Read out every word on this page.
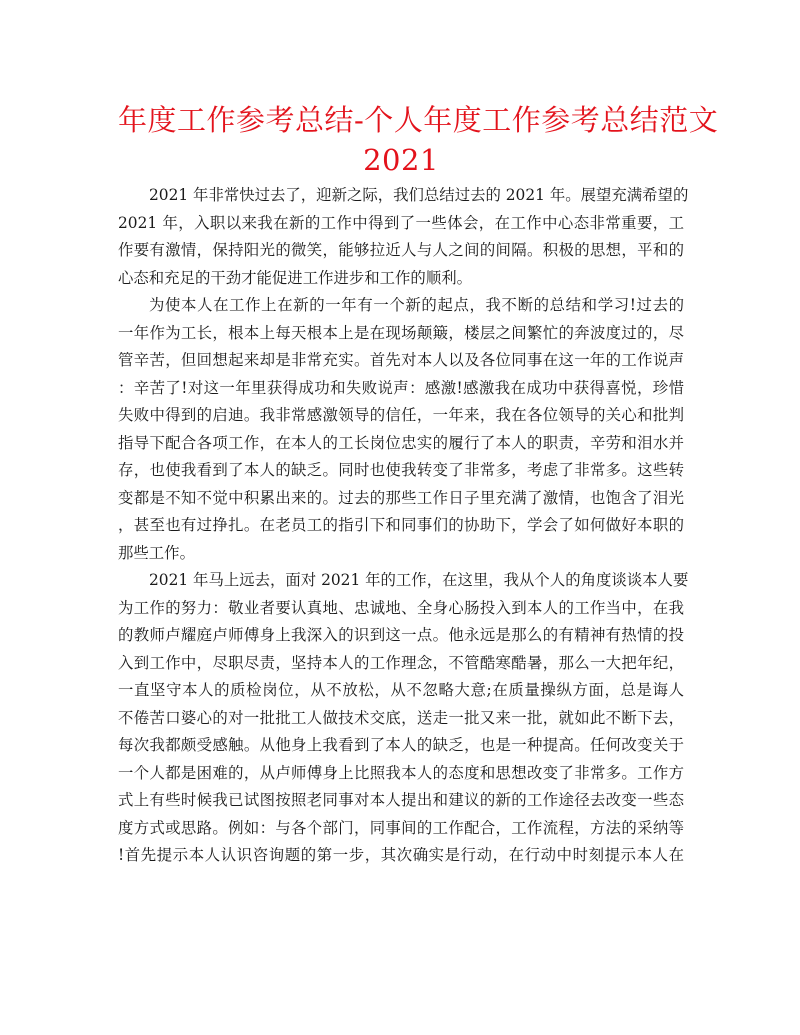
年度工作参考总结-个人年度工作参考总结范文
2021

2021 年非常快过去了，迎新之际，我们总结过去的 2021 年。展望充满希望的
2021 年，入职以来我在新的工作中得到了一些体会，在工作中心态非常重要，工
作要有激情，保持阳光的微笑，能够拉近人与人之间的间隔。积极的思想，平和的
心态和充足的干劲才能促进工作进步和工作的顺利。

为使本人在工作上在新的一年有一个新的起点，我不断的总结和学习!过去的
一年作为工长，根本上每天根本上是在现场颠簸，楼层之间繁忙的奔波度过的，尽
管辛苦，但回想起来却是非常充实。首先对本人以及各位同事在这一年的工作说声
：辛苦了!对这一年里获得成功和失败说声：感激!感激我在成功中获得喜悦，珍惜
失败中得到的启迪。我非常感激领导的信任，一年来，我在各位领导的关心和批判
指导下配合各项工作，在本人的工长岗位忠实的履行了本人的职责，辛劳和泪水并
存，也使我看到了本人的缺乏。同时也使我转变了非常多，考虑了非常多。这些转
变都是不知不觉中积累出来的。过去的那些工作日子里充满了激情，也饱含了泪光
，甚至也有过挣扎。在老员工的指引下和同事们的协助下，学会了如何做好本职的
那些工作。

2021 年马上远去，面对 2021 年的工作，在这里，我从个人的角度谈谈本人要
为工作的努力：敬业者要认真地、忠诚地、全身心肠投入到本人的工作当中，在我
的教师卢耀庭卢师傅身上我深入的识到这一点。他永远是那么的有精神有热情的投
入到工作中，尽职尽责，坚持本人的工作理念，不管酷寒酷暑，那么一大把年纪，
一直坚守本人的质检岗位，从不放松，从不忽略大意;在质量操纵方面，总是诲人
不倦苦口婆心的对一批批工人做技术交底，送走一批又来一批，就如此不断下去，
每次我都颇受感触。从他身上我看到了本人的缺乏，也是一种提高。任何改变关于
一个人都是困难的，从卢师傅身上比照我本人的态度和思想改变了非常多。工作方
式上有些时候我已试图按照老同事对本人提出和建议的新的工作途径去改变一些态
度方式或思路。例如：与各个部门，同事间的工作配合，工作流程，方法的采纳等
!首先提示本人认识咨询题的第一步，其次确实是行动，在行动中时刻提示本人在
